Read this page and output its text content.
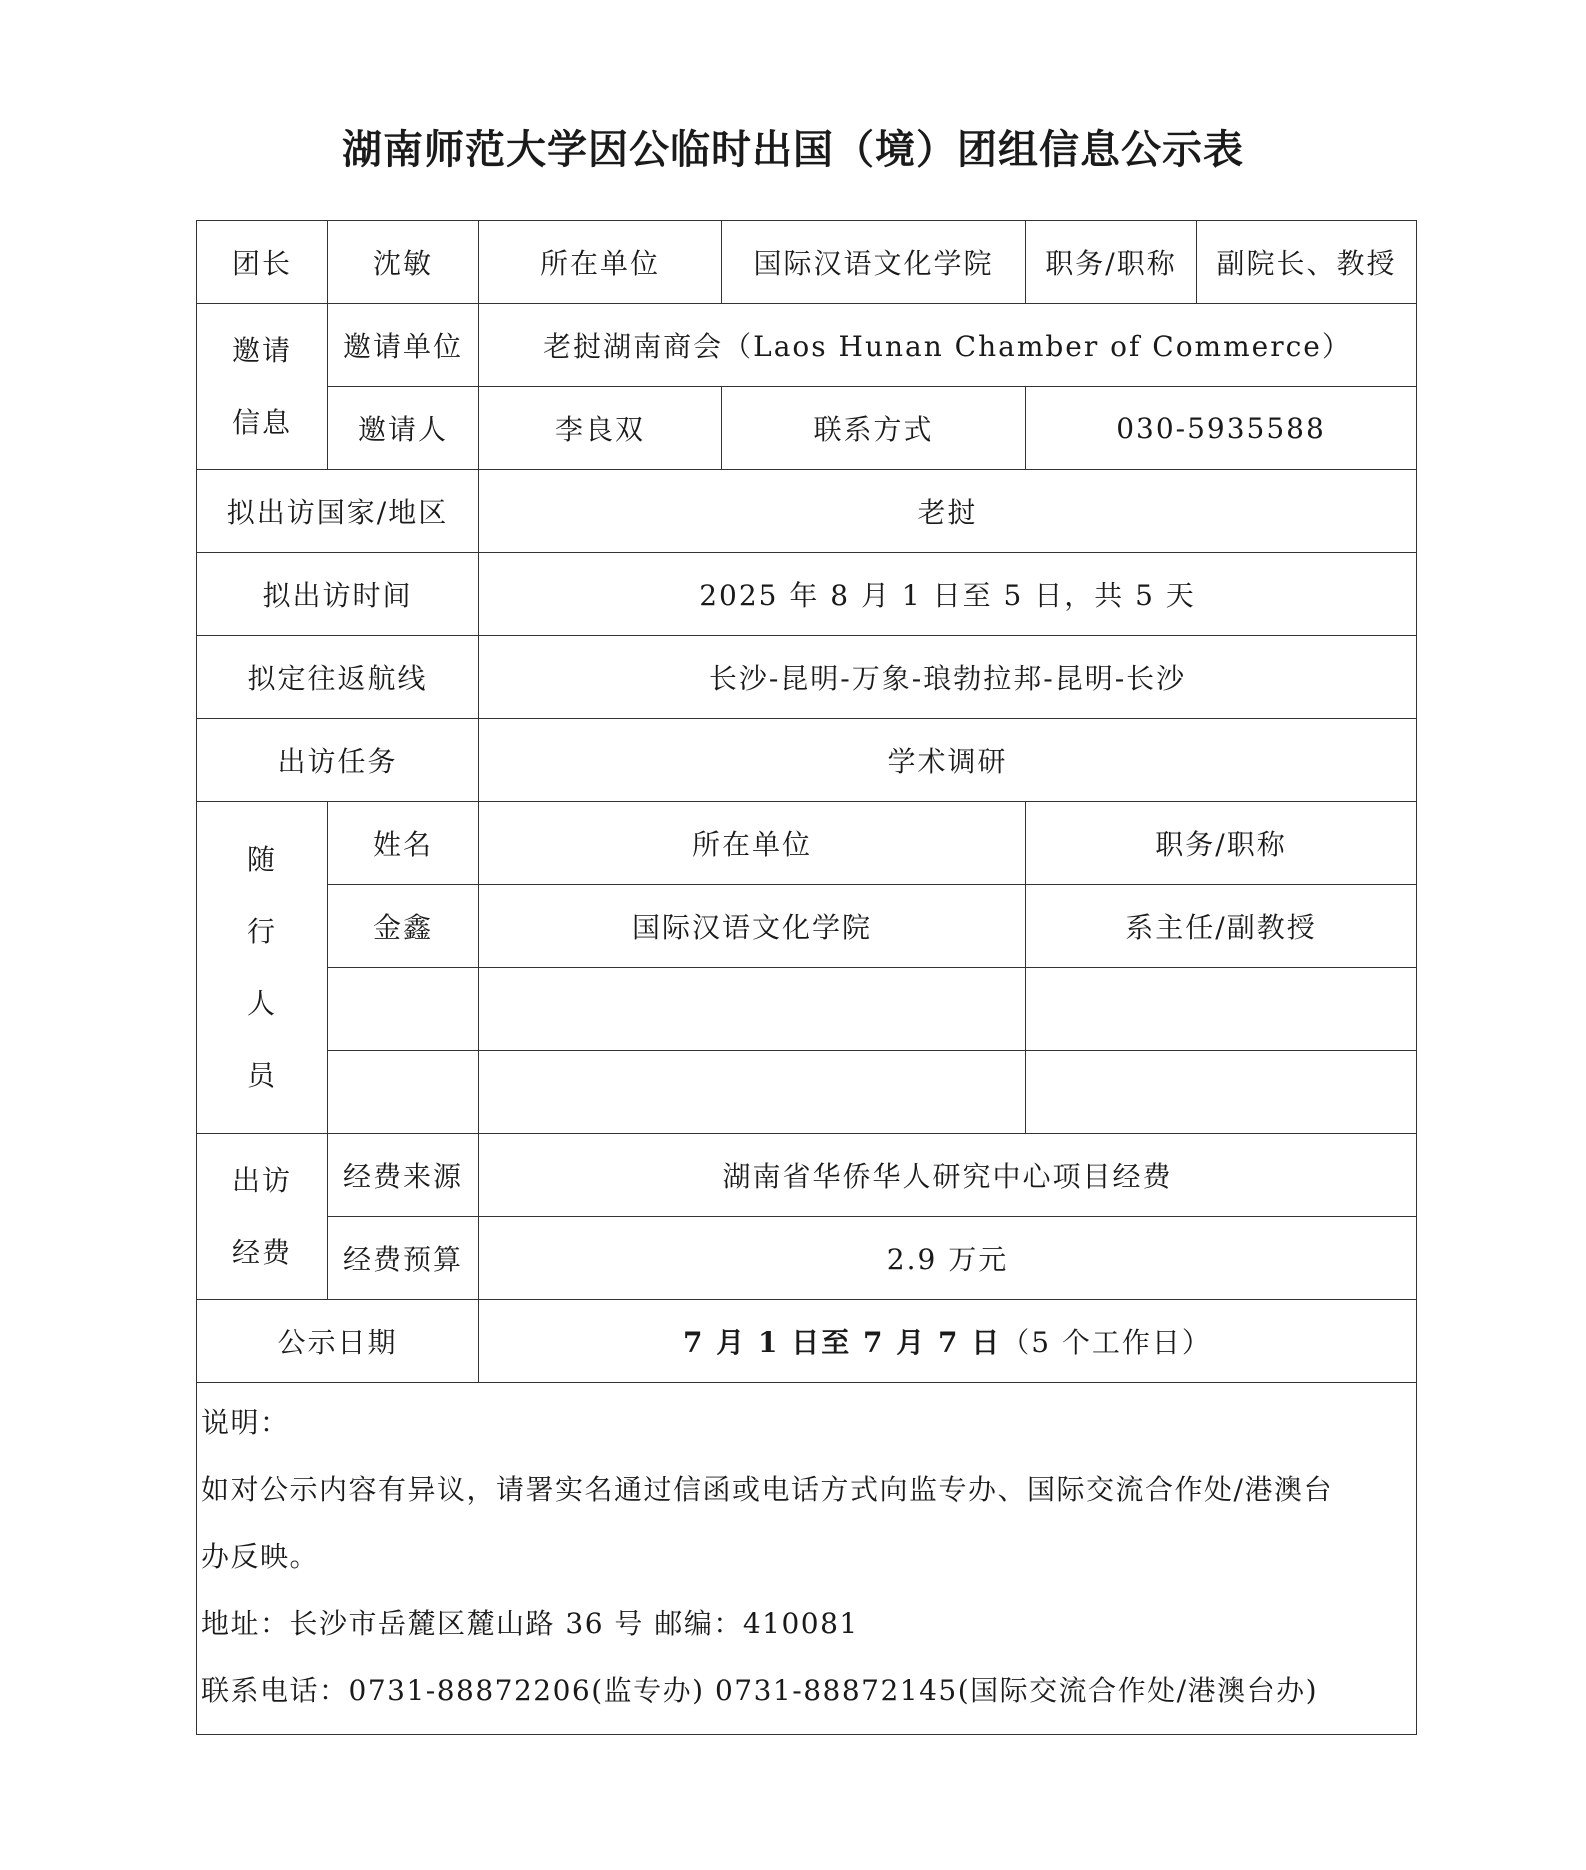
湖南师范大学因公临时出国（境）团组信息公示表
团长	沈敏	所在单位	国际汉语文化学院	职务/职称	副院长、教授
邀请
信息	邀请单位	老挝湖南商会（Laos Hunan Chamber of Commerce）			
	邀请人	李良双	联系方式	030-5935588	
拟出访国家/地区		老挝			
拟出访时间		2025 年 8 月 1 日至 5 日，共 5 天			
拟定往返航线		长沙-昆明-万象-琅勃拉邦-昆明-长沙			
出访任务		学术调研			
随
行
人
员	姓名	所在单位		职务/职称	
	金鑫	国际汉语文化学院		系主任/副教授	

出访
经费	经费来源	湖南省华侨华人研究中心项目经费			
	经费预算	2.9 万元			
公示日期		7 月 1 日至 7 月 7 日（5 个工作日）			

说明：
如对公示内容有异议，请署实名通过信函或电话方式向监专办、国际交流合作处/港澳台
办反映。
地址：长沙市岳麓区麓山路 36 号 邮编：410081
联系电话：0731-88872206(监专办) 0731-88872145(国际交流合作处/港澳台办)					
